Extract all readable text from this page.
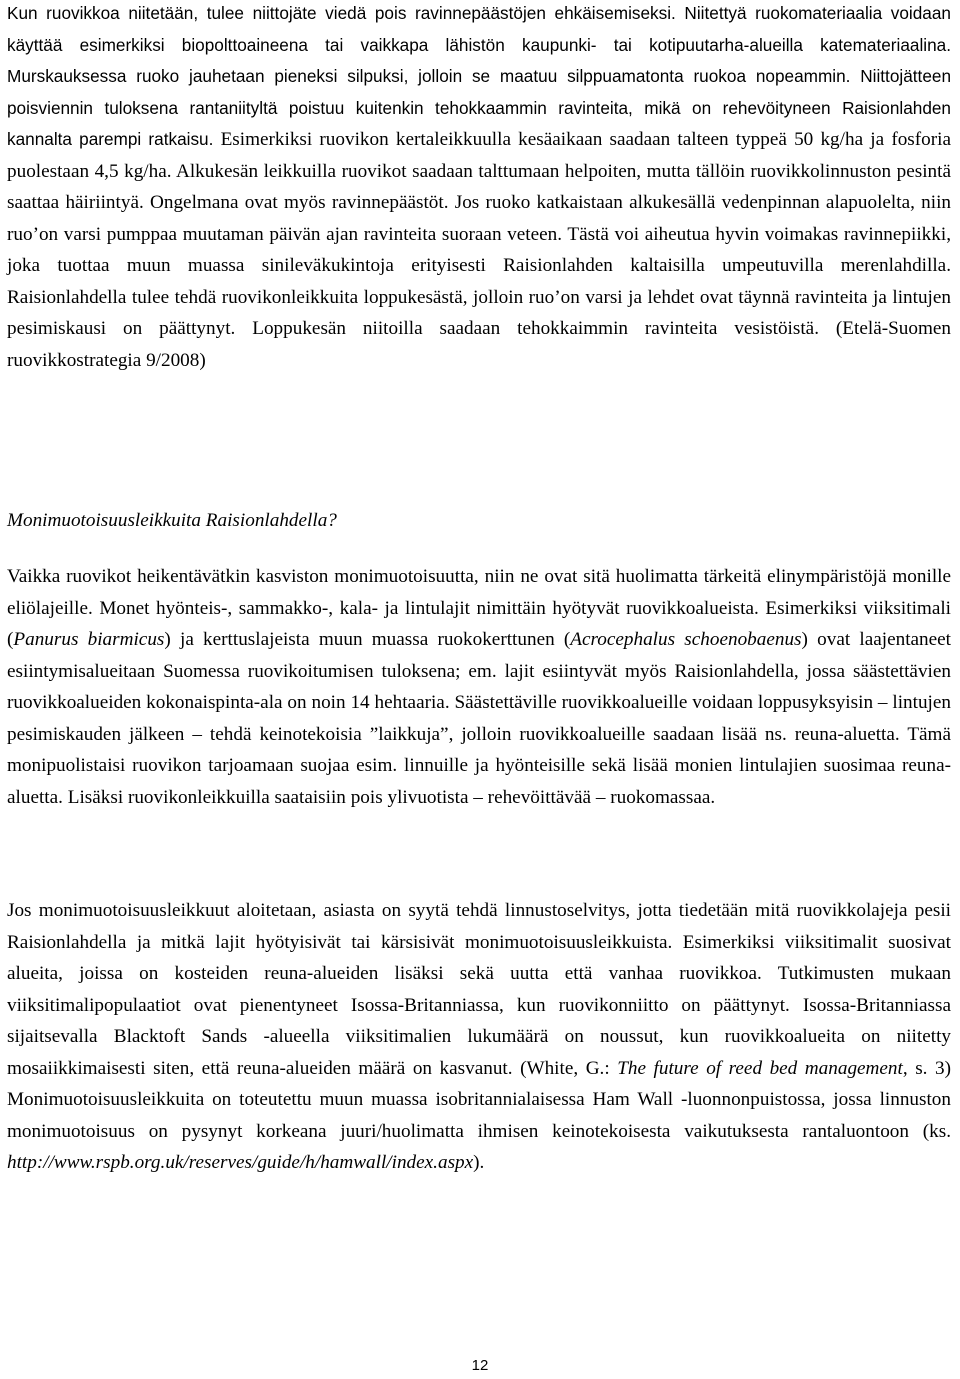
Kun ruovikkoa niitetään, tulee niittojäte viedä pois ravinnepäästöjen ehkäisemiseksi. Niitettyä ruokomateriaalia voidaan käyttää esimerkiksi biopolttoaineena tai vaikkapa lähistön kaupunki- tai kotipuutarha-alueilla katemateriaalina. Murskauksessa ruoko jauhetaan pieneksi silpuksi, jolloin se maatuu silppuamatonta ruokoa nopeammin. Niittojätteen poisviennin tuloksena rantaniityltä poistuu kuitenkin tehokkaammin ravinteita, mikä on rehevöityneen Raisionlahden kannalta parempi ratkaisu. Esimerkiksi ruovikon kertaleikkuulla kesäaikaan saadaan talteen typpeä 50 kg/ha ja fosforia puolestaan 4,5 kg/ha. Alkukesän leikkuilla ruovikot saadaan talttumaan helpoiten, mutta tällöin ruovikkolinnuston pesintä saattaa häiriintyä. Ongelmana ovat myös ravinnepäästöt. Jos ruoko katkaistaan alkukesällä vedenpinnan alapuolelta, niin ruo’on varsi pumppaa muutaman päivän ajan ravinteita suoraan veteen. Tästä voi aiheutua hyvin voimakas ravinnepiikki, joka tuottaa muun muassa sinileväkukintoja erityisesti Raisionlahden kaltaisilla umpeutuvilla merenlahdilla. Raisionlahdella tulee tehdä ruovikonleikkuita loppukesästä, jolloin ruo’on varsi ja lehdet ovat täynnä ravinteita ja lintujen pesimiskausi on päättynyt. Loppukesän niitoilla saadaan tehokkaimmin ravinteita vesistöistä. (Etelä-Suomen ruovikkostrategia 9/2008)

Monimuotoisuusleikkuita Raisionlahdella?

Vaikka ruovikot heikentävätkin kasviston monimuotoisuutta, niin ne ovat sitä huolimatta tärkeitä elinympäristöjä monille eliölajeille. Monet hyönteis-, sammakko-, kala- ja lintulajit nimittäin hyötyvät ruovikkoalueista. Esimerkiksi viiksitimali (Panurus biarmicus) ja kerttuslajeista muun muassa ruokokerttunen (Acrocephalus schoenobaenus) ovat laajentaneet esiintymisalueitaan Suomessa ruovikoitumisen tuloksena; em. lajit esiintyvät myös Raisionlahdella, jossa säästettävien ruovikkoalueiden kokonaispinta-ala on noin 14 hehtaaria. Säästettäville ruovikkoalueille voidaan loppusyksyisin – lintujen pesimiskauden jälkeen – tehdä keinotekoisia ”laikkuja”, jolloin ruovikkoalueille saadaan lisää ns. reuna-aluetta. Tämä monipuolistaisi ruovikon tarjoamaan suojaa esim. linnuille ja hyönteisille sekä lisää monien lintulajien suosimaa reuna-aluetta. Lisäksi ruovikonleikkuilla saataisiin pois ylivuotista – rehevöittävää – ruokomassaa.

Jos monimuotoisuusleikkuut aloitetaan, asiasta on syytä tehdä linnustoselvitys, jotta tiedetään mitä ruovikkolajeja pesii Raisionlahdella ja mitkä lajit hyötyisivät tai kärsisivät monimuotoisuusleikkuista. Esimerkiksi viiksitimalit suosivat alueita, joissa on kosteiden reuna-alueiden lisäksi sekä uutta että vanhaa ruovikkoa. Tutkimusten mukaan viiksitimalipopulaatiot ovat pienentyneet Isossa-Britanniassa, kun ruovikonniitto on päättynyt. Isossa-Britanniassa sijaitsevalla Blacktoft Sands -alueella viiksitimalien lukumäärä on noussut, kun ruovikkoalueita on niitetty mosaiikkimaisesti siten, että reuna-alueiden määrä on kasvanut. (White, G.: The future of reed bed management, s. 3) Monimuotoisuusleikkuita on toteutettu muun muassa isobritannialaisessa Ham Wall -luonnonpuistossa, jossa linnuston monimuotoisuus on pysynyt korkeana juuri/huolimatta ihmisen keinotekoisesta vaikutuksesta rantaluontoon (ks. http://www.rspb.org.uk/reserves/guide/h/hamwall/index.aspx).

12
